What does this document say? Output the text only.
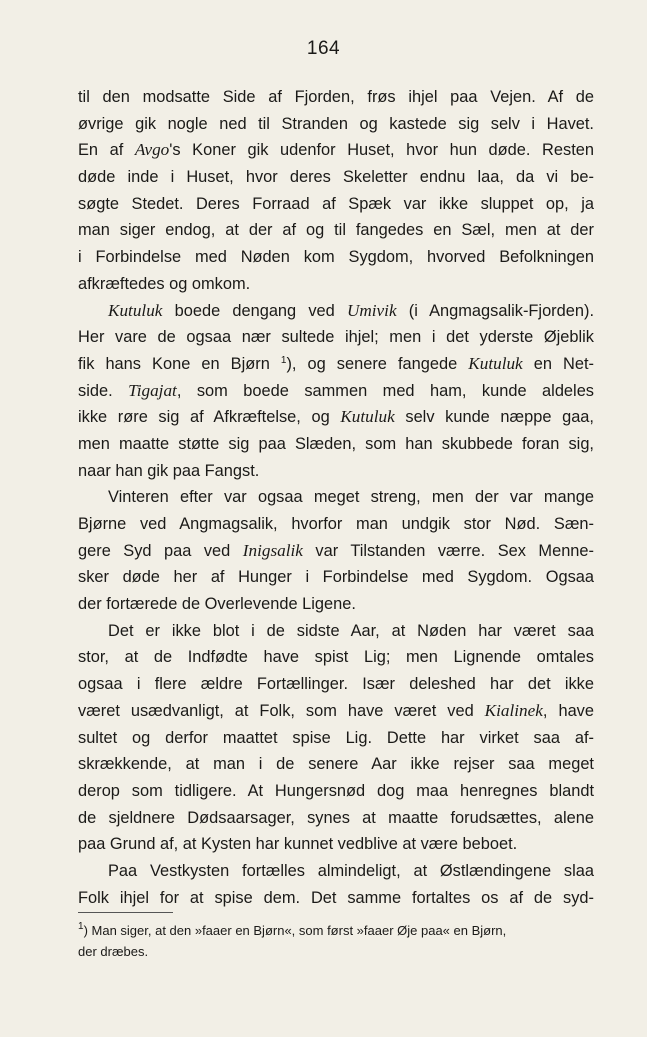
164
til den modsatte Side af Fjorden, frøs ihjel paa Vejen. Af de
øvrige gik nogle ned til Stranden og kastede sig selv i Havet.
En af Avgo's Koner gik udenfor Huset, hvor hun døde. Resten
døde inde i Huset, hvor deres Skeletter endnu laa, da vi be-
søgte Stedet. Deres Forraad af Spæk var ikke sluppet op, ja
man siger endog, at der af og til fangedes en Sæl, men at der
i Forbindelse med Nøden kom Sygdom, hvorved Befolkningen
afkræftedes og omkom.
Kutuluk boede dengang ved Umivik (i Angmagsalik-Fjorden).
Her vare de ogsaa nær sultede ihjel; men i det yderste Øjeblik
fik hans Kone en Bjørn $^1$), og senere fangede Kutuluk en Net-
side. Tigajat, som boede sammen med ham, kunde aldeles
ikke røre sig af Afkræftelse, og Kutuluk selv kunde næppe gaa,
men maatte støtte sig paa Slæden, som han skubbede foran sig,
naar han gik paa Fangst.
Vinteren efter var ogsaa meget streng, men der var mange
Bjørne ved Angmagsalik, hvorfor man undgik stor Nød. Sæn-
gere Syd paa ved Inigsalik var Tilstanden værre. Sex Menne-
sker døde her af Hunger i Forbindelse med Sygdom. Ogsaa
der fortærede de Overlevende Ligene.
Det er ikke blot i de sidste Aar, at Nøden har været saa
stor, at de Indfødte have spist Lig; men Lignende omtales
ogsaa i flere ældre Fortællinger. Især deleshed har det ikke
været usædvanligt, at Folk, som have været ved Kialinek, have
sultet og derfor maattet spise Lig. Dette har virket saa af-
skrækkende, at man i de senere Aar ikke rejser saa meget
derop som tidligere. At Hungersnød dog maa henregnes blandt
de sjeldnere Dødsaarsager, synes at maatte forudsættes, alene
paa Grund af, at Kysten har kunnet vedblive at være beboet.
Paa Vestkysten fortælles almindeligt, at Østlændingene slaa
Folk ihjel for at spise dem. Det samme fortaltes os af de syd-
$^1$) Man siger, at den »faaer en Bjørn«, som først »faaer Øje paa« en Bjørn,
der dræbes.
